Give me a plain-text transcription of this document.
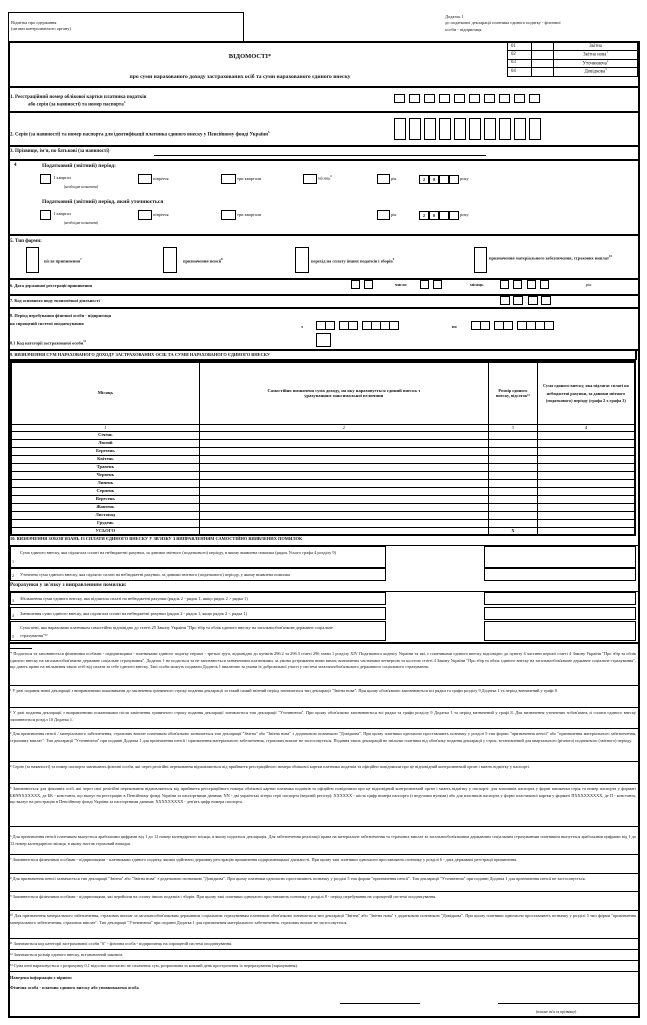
Відмітка про одержання
(штамп контролюючого органу)
Додаток 1
до податкової декларації платника єдиного податку - фізичної
особи - підприємця
ВІДОМОСТІ*
про суми нарахованого доходу застрахованих осіб та суми нарахованого єдиного внеску
01		Звітна
02		Звітна нова$^1$
03		Уточнююча$^2$
04		Довідкова$^3$
1. Реєстраційний номер облікової картки платника податків
або серія (за наявності) та номер паспорта$^4$
2. Серія (за наявності) та номер паспорта для ідентифікації платника єдиного внеску у Пенсійному фонді України$^5$
3. Прізвище, ім'я, по батькові (за наявності)
4	Податковий (звітний) період:
І квартал
(необхідне позначити)
півріччя	три квартали	місяць$^6$	рік	2	0	року
Податковий (звітний) період, який уточнюється
І квартал
(необхідне позначити)
півріччя	три квартали	рік	2	0	року
5. Тип форми:
після припинення$^7$	призначення пенсії$^8$	перехід на сплату інших податків і зборів$^9$	призначення матеріального забезпечення, страхових виплат$^{10}$
6. Дата державної реєстрації припинення	число	місяць	рік
7. Код основного виду економічної діяльності	.
8. Період перебування фізичної особи - підприємця
на спрощеній системі оподаткування
з	по
8.1 Код категорії застрахованої особи$^{11}$
9. ВИЗНАЧЕННЯ СУМ НАРАХОВАНОГО ДОХОДУ ЗАСТРАХОВАНИХ ОСІБ ТА СУМИ НАРАХОВАНОГО ЄДИНОГО ВНЕСКУ
Місяць	Самостійно визначена сума доходу, на яку нараховується єдиний внесок з урахуванням максимальної величини	Розмір єдиного внеску, відсоток¹²	Сума єдиного внеску, яка підлягає сплаті на небюджетні рахунки, за даними звітного (податкового) періоду (графа 2 х графа 3)
1	2	3	4
Січень			
Лютий			
Березень			
Квітень			
Травень			
Червень			
Липень			
Серпень			
Вересень			
Жовтень			
Листопад			
Грудень			
УСЬОГО		X	
10. ВИЗНАЧЕННЯ ЗОБОВ'ЯЗАНЬ ІЗ СПЛАТИ ЄДИНОГО ВНЕСКУ У ЗВ'ЯЗКУ З ВИПРАВЛЕННЯМ САМОСТІЙНО ВИЯВЛЕНИХ ПОМИЛОК
1
Сума єдиного внеску, яка підлягала сплаті на небюджетні рахунки, за даними звітного (податкового) періоду, в якому виявлена помилка (рядок Усього графа 4 розділу 9)
2 Уточнена сума єдиного внеску, яка підлягає сплаті на небюджетні рахунки, за даними звітного (податкового) періоду, у якому виявлена помилка
Розрахунки у зв'язку з виправленням помилки:
3 Збільшення суми єдиного внеску, яка підлягала сплаті на небюджетні рахунки (рядок 2 - рядок 1, якщо рядок 2 > рядка 1)
4 Зменшення суми єдиного внеску, яка підлягала сплаті на небюджетні рахунки (рядок 2 - рядок 1, якщо рядок 2 < рядка 1)
5
Сума пені, яка нарахована платником самостійно відповідно до статті 25 Закону України "Про збір та облік єдиного внеску на загальнообов'язкове державне соціальне страхування"¹³
* Подається та заповнюється фізичними особами - підприємцями - платниками єдиного податку першої - третьої груп, відповідно до пунктів 296.2 та 296.3 статті 296 глави 1 розділу XIV Податкового кодексу України та які, є платниками єдиного внеску відповідно до пункту 4 частини першої статті 4 Закону України "Про збір та облік єдиного внеску на загальнообов'язкове державне соціальне страхування". Додаток 1 не подається та не заповнюється зазначеними платниками, за умови дотримання ними вимог, визначених частинами четвертою та шостою статті 4 Закону України "Про збір та облік єдиного внеску на загальнообов'язкове державне соціальне страхування", що дають право на звільнення таких осіб від сплати за себе єдиного внеску. Такі особи можуть подавати Додаток 1 виключно за умови їх добровільної участі у системі загальнообов'язкового державного соціального страхування.
¹ У разі подання нової декларації з виправленими показниками до закінчення граничного строку подання декларації за такий самий звітний період зазначається тип декларації "Звітна нова". При цьому обов'язково заповнюються всі рядки та графи розділу 9 Додатка 1 та період визначений у графі 8.
² У разі подання декларації з виправленими показниками після закінчення граничного строку подання декларації зазначається тип декларації "Уточнююча". При цьому обов'язково заповнюються всі рядки та графи розділу 9 Додатка 1 та період визначений у графі 8. Для визначення уточнених зобов'язань зі сплати єдиного внеску заповнюється розділ 10 Додатка 1.
³ Для призначення пенсії / матеріального забезпечення, страхових виплат платником обов'язково зазначається тип декларації "Звітна" або "Звітна нова" з додатковою позначкою "Довідкова". При цьому платники одночасно проставляють позначку у розділі 5 тип форми "призначення пенсії" або "призначення матеріального забезпечення, страхових виплат". Тип декларації "Уточнююча" при поданні Додатка 1 для призначення пенсії / призначення матеріального забезпечення, страхових виплат не застосовується. Подання таких декларацій не звільняє платника від обов'язку подання декларації у строк, встановлений для квартального (річного) податкового (звітного) періоду.
⁴ Серію (за наявності) та номер паспорта зазначають фізичні особи, які через релігійні переконання відмовляються від прийняття реєстраційного номера облікової картки платника податків та офіційно повідомили про це відповідний контролюючий орган і мають відмітку у паспорті.
⁵ Заповнюється для фізичних осіб, які через свої релігійні переконання відмовляються від прийняття реєстраційного номера облікової картки платника податків та офіційно повідомили про це відповідний контролюючий орган і мають відмітку у паспорті: для власників паспорта у формі книжечки серія та номер паспорта у форматі БКNNXXXXXX, де БК - константа, що вказує на реєстрацію в Пенсійному фонді України за паспортними даними; NN - дві українські літери серії паспорта (верхній регістр); XXXXXX - шість цифр номера паспорта (з ведучими нулями) або для власників паспорта у формі пластикової картки у форматі ПXXXXXXXXX, де П - константа, що вказує на реєстрацію в Пенсійному фонді України за паспортними даними; XXXXXXXXX - дев'ять цифр номера паспорта.
⁶ Для призначення пенсії платником вказується арабськими цифрами від 1 до 12 номер календарного місяця, в якому подається декларація. Для забезпечення реалізації права на матеріальне забезпечення та страхових виплат за загальнообов'язковим державним соціальним страхуванням платником вказується арабськими цифрами від 1 до 12 номер календарного місяця, в якому настав страховий випадок.
⁷ Заповнюється фізичними особами - підприємцями - платниками єдиного податку, якими здійснено державну реєстрацію припинення підприємницької діяльності. При цьому такі платники одночасно проставляють позначку у розділі 6 - дата державної реєстрації припинення.
⁸ Для призначення пенсії зазначається тип декларації "Звітна" або "Звітна нова" з додатковою позначкою "Довідкова". При цьому платники одночасно проставляють позначку у розділі 5 тип форми "призначення пенсії". Тип декларації "Уточнююча" при поданні Додатка 1 для призначення пенсії не застосовується.
⁹ Заповнюється фізичними особами - підприємцями, які перейшли на сплату інших податків і зборів. При цьому такі платники одночасно проставляють позначку у розділі 8 - період перебування на спрощеній системі оподаткування.
¹⁰ Для призначення матеріального забезпечення, страхових виплат за загальнообов'язковим державним соціальним страхуванням платником обов'язково зазначається тип декларації "Звітна" або "Звітна нова" з додатковою позначкою "Довідкова". При цьому платники одночасно проставляють позначку у розділі 5 тип форми "призначення матеріального забезпечення, страхових виплат". Тип декларації "Уточнююча" при поданні Додатка 1 для призначення матеріального забезпечення, страхових виплат не застосовується.
¹¹ Зазначається код категорії застрахованої особи "6" - фізична особа - підприємець на спрощеній системі оподаткування.
¹² Зазначається розмір єдиного внеску, встановлений законом.
¹³ Сума пені нараховується з розрахунку 0,1 відсотка своєчасно не сплачених сум, розрахована за кожний день прострочення їх перерахування (зарахування).
Наведена інформація є вірною:
Фізична особа - платник єдиного внеску або уповноважена особа
(власне ім'я та прізвище)
